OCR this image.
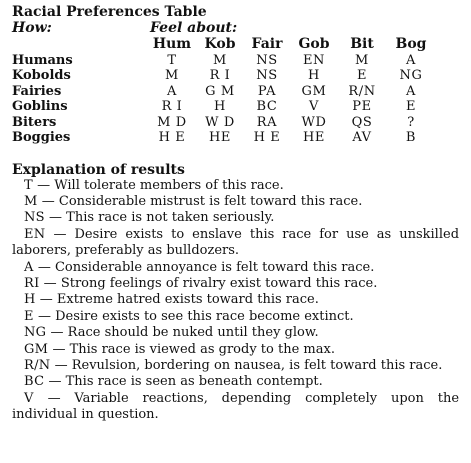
Racial Preferences Table
How:	Feel about:
	Hum	Kob	Fair	Gob	Bit	Bog
Humans	T	M	NS	EN	M	A
Kobolds	M	R I	NS	H	E	NG
Fairies	A	G M	PA	GM	R/N	A
Goblins	R I	H	BC	V	PE	E
Biters	M D	W D	RA	WD	QS	?
Boggies	H E	HE	H E	HE	AV	B
Explanation of results
T — Will tolerate members of this race.
M — Considerable mistrust is felt toward this race.
NS — This race is not taken seriously.
EN — Desire exists to enslave this race for use as unskilled laborers, preferably as bulldozers.
A — Considerable annoyance is felt toward this race.
RI — Strong feelings of rivalry exist toward this race.
H — Extreme hatred exists toward this race.
E — Desire exists to see this race become extinct.
NG — Race should be nuked until they glow.
GM — This race is viewed as grody to the max.
R/N — Revulsion, bordering on nausea, is felt toward this race.
BC — This race is seen as beneath contempt.
V — Variable reactions, depending completely upon the individual in question.
